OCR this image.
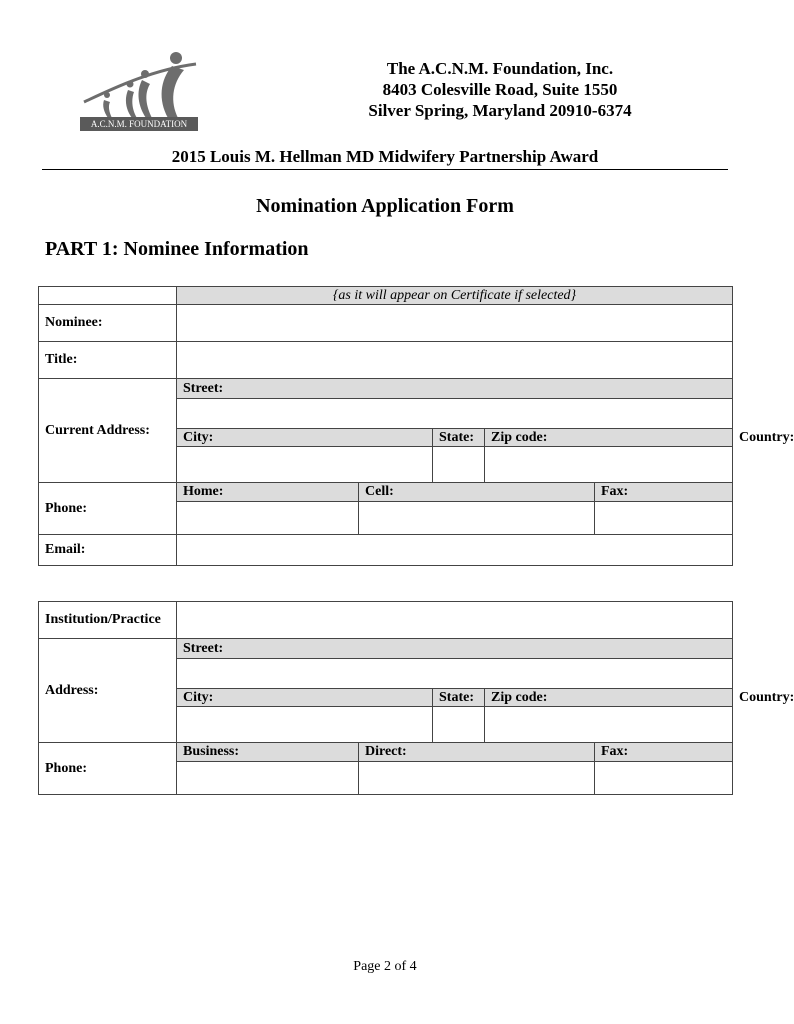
A.C.N.M. FOUNDATION
The A.C.N.M. Foundation, Inc.
8403 Colesville Road, Suite 1550
Silver Spring, Maryland 20910-6374
2015 Louis M. Hellman MD Midwifery Partnership Award
Nomination Application Form
PART 1: Nominee Information
	{as it will appear on Certificate if selected}					
Nominee:						
Title:						
Current Address:	Street:					

	City:		State:	Zip code:		Country:

Phone:	Home:	Cell:			Fax:	

Email:						
Institution/Practice						
Address:	Street:					

	City:		State:	Zip code:		Country:

Phone:	Business:	Direct:			Fax:	

Page 2 of 4
